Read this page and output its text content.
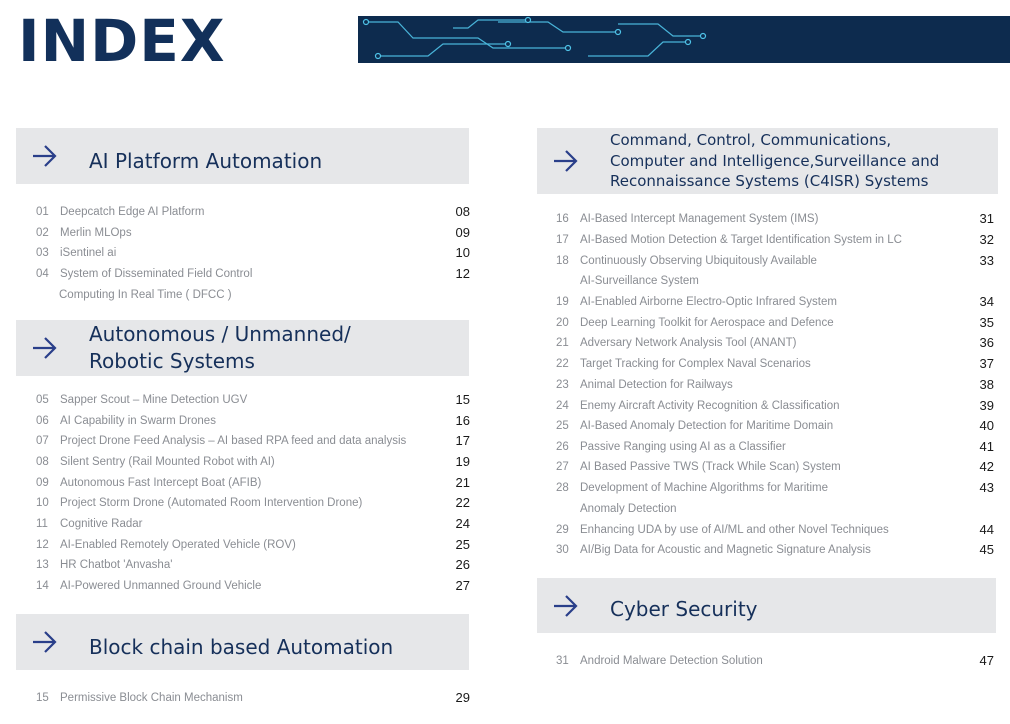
INDEX
AI Platform Automation
01 Deepcatch Edge AI Platform	08
02 Merlin MLOps	09
03 iSentinel ai	10
04 System of Disseminated Field Control	12
Computing In Real Time ( DFCC )
Autonomous / Unmanned/
Robotic Systems
05 Sapper Scout – Mine Detection UGV	15
06 AI Capability in Swarm Drones	16
07 Project Drone Feed Analysis – AI based RPA feed and data analysis	17
08 Silent Sentry (Rail Mounted Robot with AI)	19
09 Autonomous Fast Intercept Boat (AFIB)	21
10 Project Storm Drone (Automated Room Intervention Drone)	22
11	Cognitive Radar	24
12 AI-Enabled Remotely Operated Vehicle (ROV)	25
13 HR Chatbot 'Anvasha'	26
14 AI-Powered Unmanned Ground Vehicle	27
Block chain based Automation
15 Permissive Block Chain Mechanism	29
Command, Control, Communications,
Computer and Intelligence,Surveillance and
Reconnaissance Systems (C4ISR) Systems
16 AI-Based Intercept Management System (IMS)	31
17 AI-Based Motion Detection & Target Identification System in LC	32
18 Continuously Observing Ubiquitously Available	33
AI-Surveillance System
19 AI-Enabled Airborne Electro-Optic Infrared System	34
20 Deep Learning Toolkit for Aerospace and Defence	35
21 Adversary Network Analysis Tool (ANANT)	36
22 Target Tracking for Complex Naval Scenarios	37
23 Animal Detection for Railways	38
24 Enemy Aircraft Activity Recognition & Classification	39
25 AI-Based Anomaly Detection for Maritime Domain	40
26 Passive Ranging using AI as a Classifier	41
27 AI Based Passive TWS (Track While Scan) System	42
28 Development of Machine Algorithms for Maritime	43
Anomaly Detection
29 Enhancing UDA by use of AI/ML and other Novel Techniques	44
30 AI/Big Data for Acoustic and Magnetic Signature Analysis	45
Cyber Security
31 Android Malware Detection Solution	47
